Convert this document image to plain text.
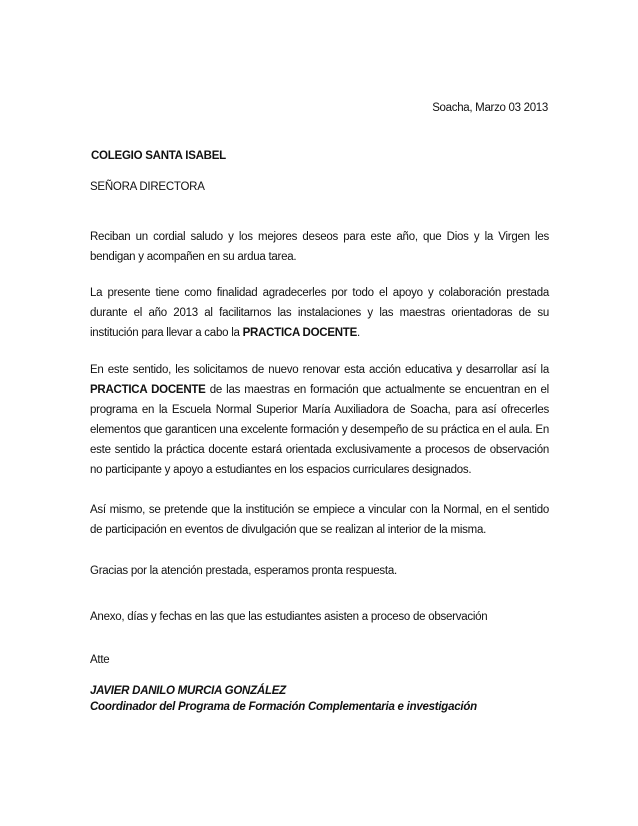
Soacha, Marzo 03 2013
COLEGIO SANTA ISABEL
SEÑORA DIRECTORA
Reciban un cordial saludo y los mejores deseos para este año, que Dios y la Virgen les bendigan y acompañen en su ardua tarea.
La presente tiene como finalidad agradecerles por todo el apoyo y colaboración prestada durante el año 2013 al facilitarnos las instalaciones y las maestras orientadoras de su institución para llevar a cabo la PRACTICA DOCENTE.
En este sentido, les solicitamos de nuevo renovar esta acción educativa y desarrollar así la PRACTICA DOCENTE de las maestras en formación que actualmente se encuentran en el programa en la Escuela Normal Superior María Auxiliadora de Soacha, para así ofrecerles elementos que garanticen una excelente formación y desempeño de su práctica en el aula. En este sentido la práctica docente estará orientada exclusivamente a procesos de observación no participante y apoyo a estudiantes en los espacios curriculares designados.
Así mismo, se pretende que la institución se empiece a vincular con la Normal, en el sentido de participación en eventos de divulgación que se realizan al interior de la misma.
Gracias por la atención prestada, esperamos pronta respuesta.
Anexo, días y fechas en las que las estudiantes asisten a proceso de observación
Atte
JAVIER DANILO MURCIA GONZÁLEZ
Coordinador del Programa de Formación Complementaria e investigación
